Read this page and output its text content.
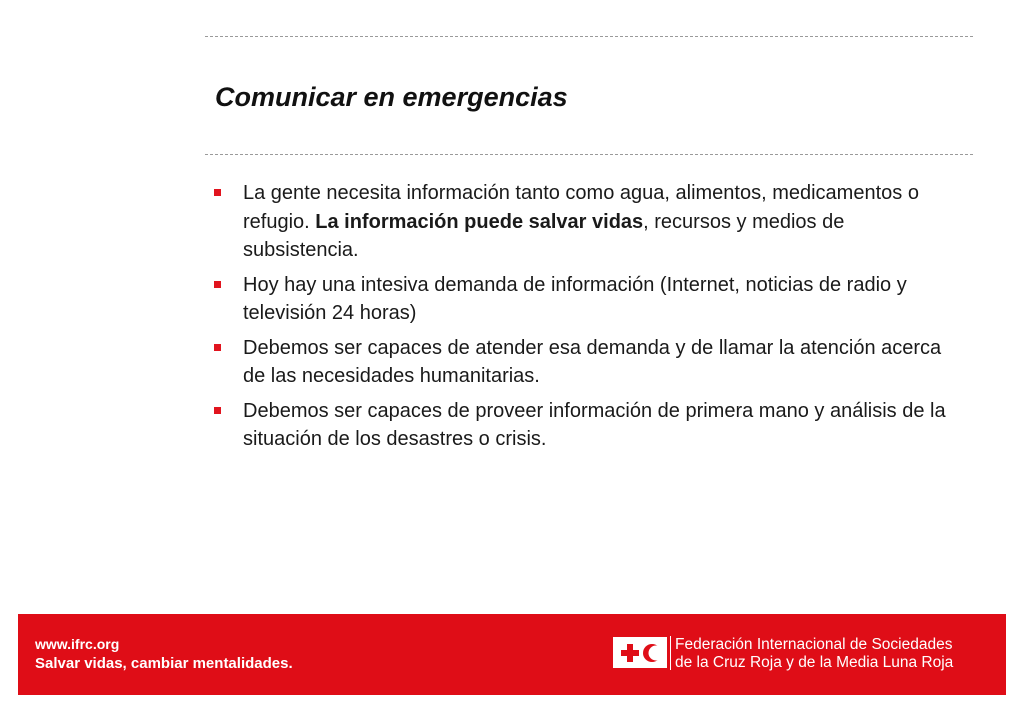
Comunicar en emergencias
La gente necesita información tanto como agua, alimentos, medicamentos o refugio. La información puede salvar vidas, recursos y medios de subsistencia.
Hoy hay una intesiva demanda de información (Internet, noticias de radio y televisión 24 horas)
Debemos ser capaces de atender esa demanda y de llamar la atención acerca de las necesidades humanitarias.
Debemos ser capaces de proveer información de primera mano y análisis de la situación de los desastres o crisis.

www.ifrc.org

Salvar vidas, cambiar mentalidades.

Federación Internacional de Sociedades

de la Cruz Roja y de la Media Luna Roja
